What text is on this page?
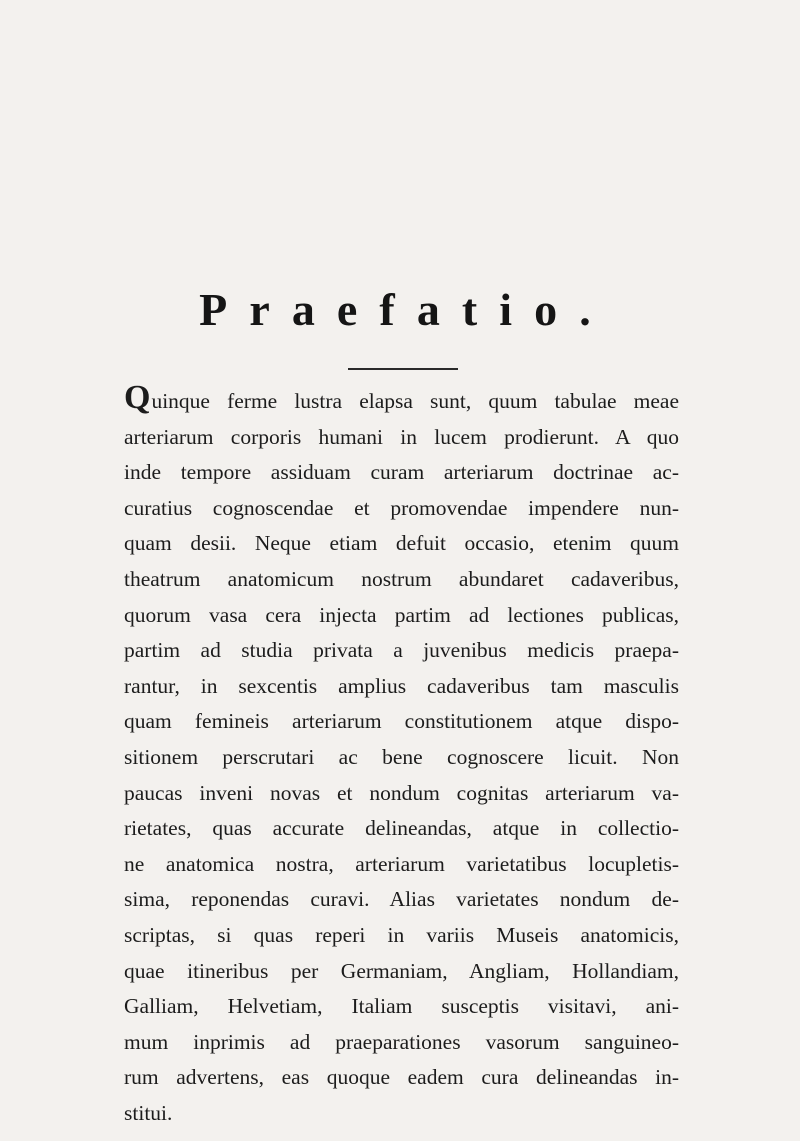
Praefatio.
Quinque ferme lustra elapsa sunt, quum tabulae meae
arteriarum corporis humani in lucem prodierunt. A quo
inde tempore assiduam curam arteriarum doctrinae ac-
curatius cognoscendae et promovendae impendere nun-
quam desii. Neque etiam defuit occasio, etenim quum
theatrum anatomicum nostrum abundaret cadaveribus,
quorum vasa cera injecta partim ad lectiones publicas,
partim ad studia privata a juvenibus medicis praepa-
rantur, in sexcentis amplius cadaveribus tam masculis
quam femineis arteriarum constitutionem atque dispo-
sitionem perscrutari ac bene cognoscere licuit. Non
paucas inveni novas et nondum cognitas arteriarum va-
rietates, quas accurate delineandas, atque in collectio-
ne anatomica nostra, arteriarum varietatibus locupletis-
sima, reponendas curavi. Alias varietates nondum de-
scriptas, si quas reperi in variis Museis anatomicis,
quae itineribus per Germaniam, Angliam, Hollandiam,
Galliam, Helvetiam, Italiam susceptis visitavi, ani-
mum inprimis ad praeparationes vasorum sanguineo-
rum advertens, eas quoque eadem cura delineandas in-
stitui.
